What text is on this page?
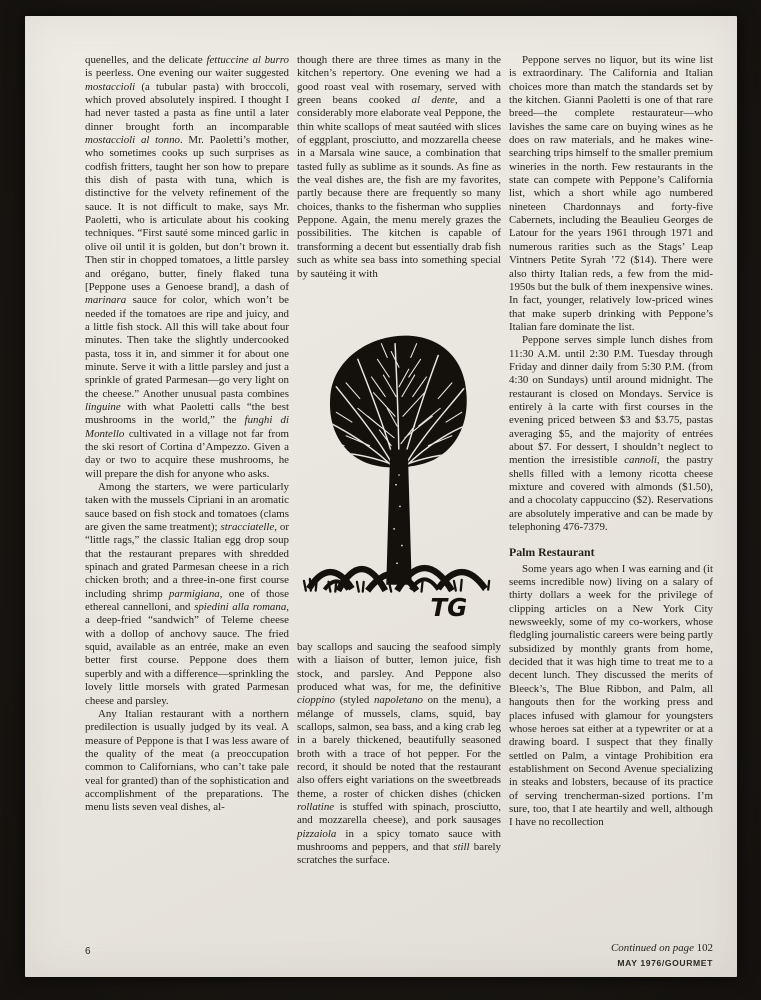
quenelles, and the delicate fettuccine al burro is peerless. One evening our waiter suggested mostaccioli (a tubular pasta) with broccoli, which proved absolutely inspired. I thought I had never tasted a pasta as fine until a later dinner brought forth an incomparable mostaccioli al tonno. Mr. Paoletti’s mother, who sometimes cooks up such surprises as codfish fritters, taught her son how to prepare this dish of pasta with tuna, which is distinctive for the velvety refinement of the sauce. It is not difficult to make, says Mr. Paoletti, who is articulate about his cooking techniques. “First sauté some minced garlic in olive oil until it is golden, but don’t brown it. Then stir in chopped tomatoes, a little parsley and orégano, butter, finely flaked tuna [Peppone uses a Genoese brand], a dash of marinara sauce for color, which won’t be needed if the tomatoes are ripe and juicy, and a little fish stock. All this will take about four minutes. Then take the slightly undercooked pasta, toss it in, and simmer it for about one minute. Serve it with a little parsley and just a sprinkle of grated Parmesan—go very light on the cheese.” Another unusual pasta combines linguine with what Paoletti calls “the best mushrooms in the world,” the funghi di Montello cultivated in a village not far from the ski resort of Cortina d’Ampezzo. Given a day or two to acquire these mushrooms, he will prepare the dish for anyone who asks.

Among the starters, we were particularly taken with the mussels Cipriani in an aromatic sauce based on fish stock and tomatoes (clams are given the same treatment); stracciatelle, or “little rags,” the classic Italian egg drop soup that the restaurant prepares with shredded spinach and grated Parmesan cheese in a rich chicken broth; and a three-in-one first course including shrimp parmigiana, one of those ethereal cannelloni, and spiedini alla romana, a deep-fried “sandwich” of Teleme cheese with a dollop of anchovy sauce. The fried squid, available as an entrée, make an even better first course. Peppone does them superbly and with a difference—sprinkling the lovely little morsels with grated Parmesan cheese and parsley.

Any Italian restaurant with a northern predilection is usually judged by its veal. A measure of Peppone is that I was less aware of the quality of the meat (a preoccupation common to Californians, who can’t take pale veal for granted) than of the sophistication and accomplishment of the preparations. The menu lists seven veal dishes, al-

though there are three times as many in the kitchen’s repertory. One evening we had a good roast veal with rosemary, served with green beans cooked al dente, and a considerably more elaborate veal Peppone, the thin white scallops of meat sautéed with slices of eggplant, prosciutto, and mozzarella cheese in a Marsala wine sauce, a combination that tasted fully as sublime as it sounds. As fine as the veal dishes are, the fish are my favorites, partly because there are frequently so many choices, thanks to the fisherman who supplies Peppone. Again, the menu merely grazes the possibilities. The kitchen is capable of transforming a decent but essentially drab fish such as white sea bass into something special by sautéing it with

TG

bay scallops and saucing the seafood simply with a liaison of butter, lemon juice, fish stock, and parsley. And Peppone also produced what was, for me, the definitive cioppino (styled napoletano on the menu), a mélange of mussels, clams, squid, bay scallops, salmon, sea bass, and a king crab leg in a barely thickened, beautifully seasoned broth with a trace of hot pepper. For the record, it should be noted that the restaurant also offers eight variations on the sweetbreads theme, a roster of chicken dishes (chicken rollatine is stuffed with spinach, prosciutto, and mozzarella cheese), and pork sausages pizzaiola in a spicy tomato sauce with mushrooms and peppers, and that still barely scratches the surface.

Peppone serves no liquor, but its wine list is extraordinary. The California and Italian choices more than match the standards set by the kitchen. Gianni Paoletti is one of that rare breed—the complete restaurateur—who lavishes the same care on buying wines as he does on raw materials, and he makes wine-searching trips himself to the smaller premium wineries in the north. Few restaurants in the state can compete with Peppone’s California list, which a short while ago numbered nineteen Chardonnays and forty-five Cabernets, including the Beaulieu Georges de Latour for the years 1961 through 1971 and numerous rarities such as the Stags’ Leap Vintners Petite Syrah ’72 ($14). There were also thirty Italian reds, a few from the mid-1950s but the bulk of them inexpensive wines. In fact, younger, relatively low-priced wines that make superb drinking with Peppone’s Italian fare dominate the list.

Peppone serves simple lunch dishes from 11:30 A.M. until 2:30 P.M. Tuesday through Friday and dinner daily from 5:30 P.M. (from 4:30 on Sundays) until around midnight. The restaurant is closed on Mondays. Service is entirely à la carte with first courses in the evening priced between $3 and $3.75, pastas averaging $5, and the majority of entrées about $7. For dessert, I shouldn’t neglect to mention the irresistible cannoli, the pastry shells filled with a lemony ricotta cheese mixture and covered with almonds ($1.50), and a chocolaty cappuccino ($2). Reservations are absolutely imperative and can be made by telephoning 476-7379.

Palm Restaurant

Some years ago when I was earning and (it seems incredible now) living on a salary of thirty dollars a week for the privilege of clipping articles on a New York City newsweekly, some of my co-workers, whose fledgling journalistic careers were being partly subsidized by monthly grants from home, decided that it was high time to treat me to a decent lunch. They discussed the merits of Bleeck’s, The Blue Ribbon, and Palm, all hangouts then for the working press and places infused with glamour for youngsters whose heroes sat either at a typewriter or at a drawing board. I suspect that they finally settled on Palm, a vintage Prohibition era establishment on Second Avenue specializing in steaks and lobsters, because of its practice of serving trencherman-sized portions. I’m sure, too, that I ate heartily and well, although I have no recollection

Continued on page 102

MAY 1976/GOURMET
6
